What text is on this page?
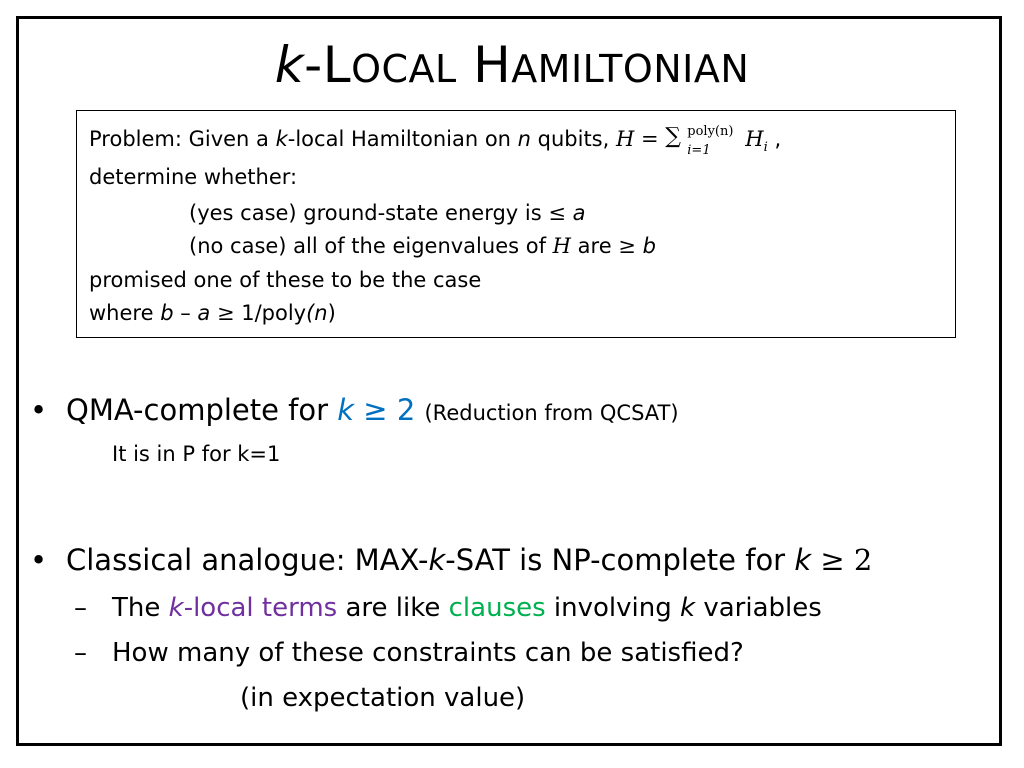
k-LOCAL HAMILTONIAN
Problem: Given a k-local Hamiltonian on n qubits, H = ∑ poly(n)
i=1 $H_i$ ,
determine whether:
(yes case) ground-state energy is ≤ a
(no case) all of the eigenvalues of H are ≥ b
promised one of these to be the case
where b – a ≥ 1/poly(n)
• QMA-complete for k ≥ 2 (Reduction from QCSAT)
It is in P for k=1
• Classical analogue: MAX-k-SAT is NP-complete for k ≥ 2
– The k-local terms are like clauses involving k variables
– How many of these constraints can be satisfied?
(in expectation value)
